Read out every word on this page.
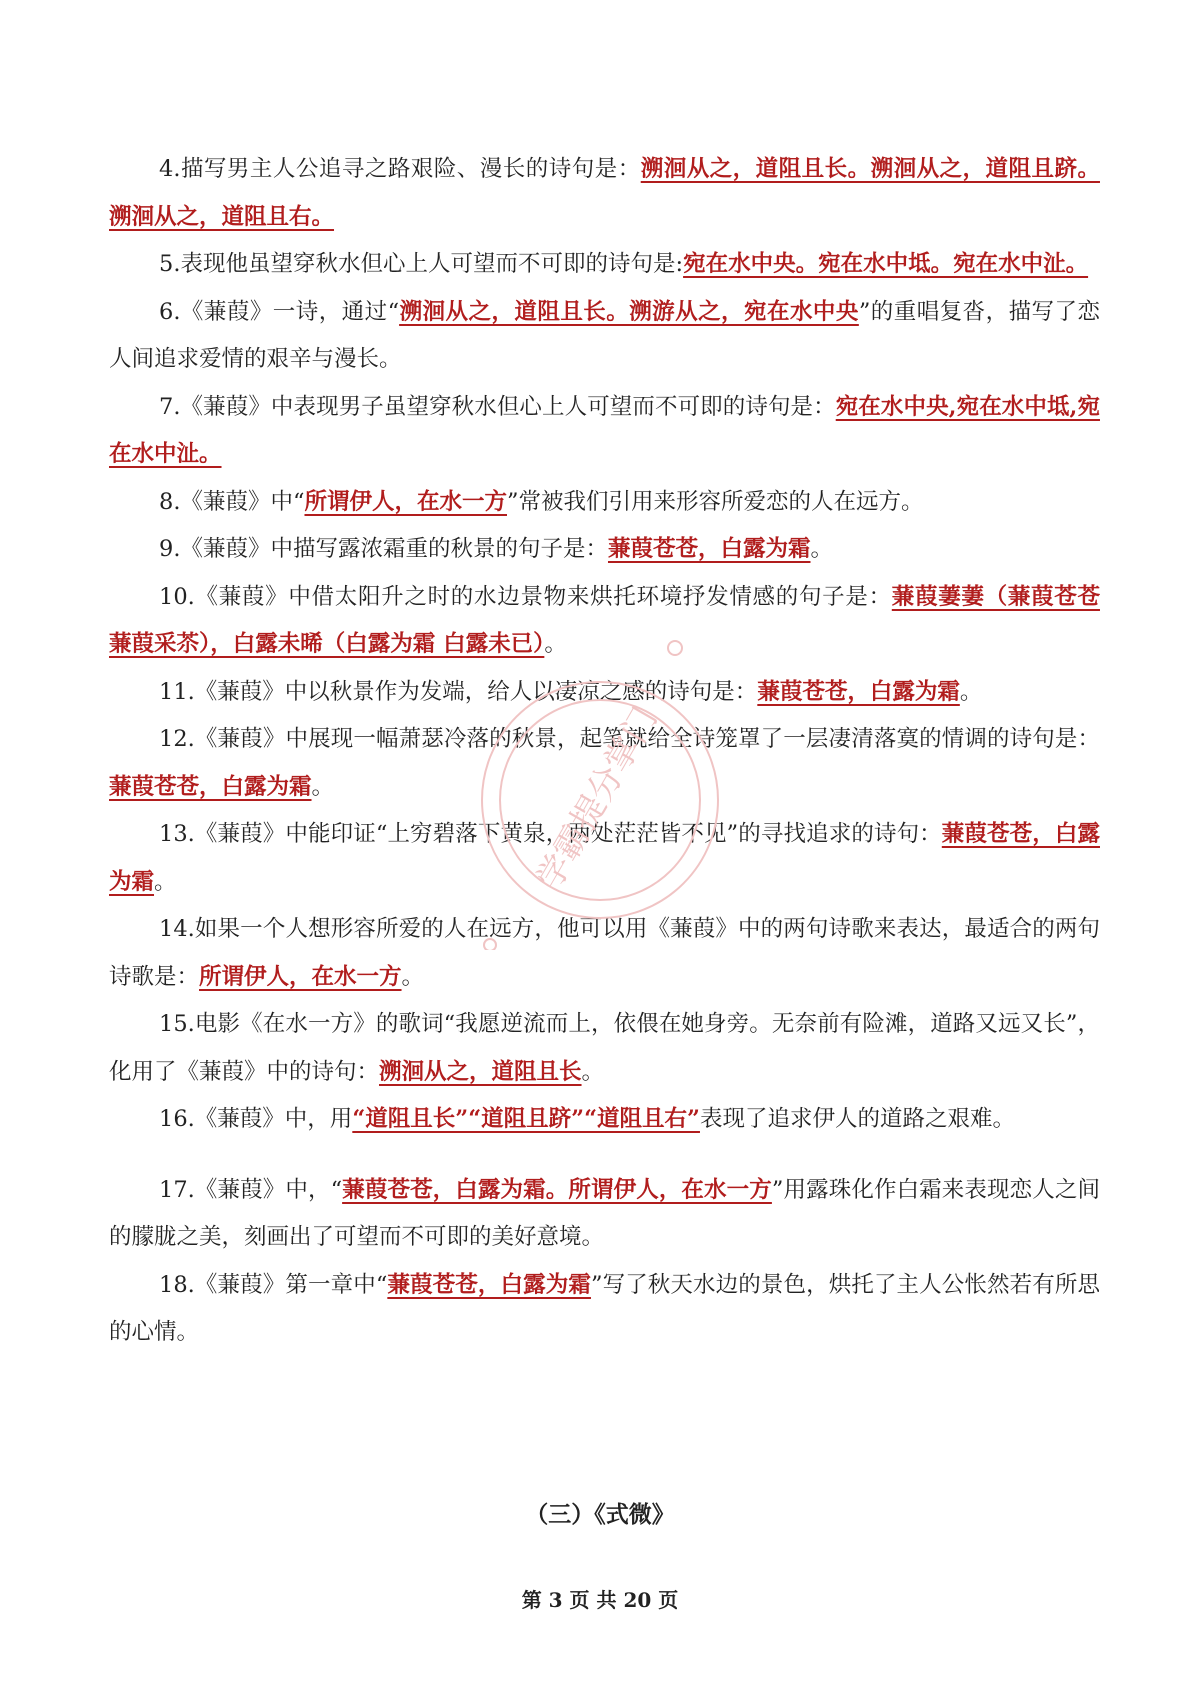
4.描写男主人公追寻之路艰险、漫长的诗句是：溯洄从之，道阻且长。溯洄从之，道阻且跻。溯洄从之，道阻且右。

5.表现他虽望穿秋水但心上人可望而不可即的诗句是:宛在水中央。宛在水中坻。宛在水中沚。

6.《蒹葭》一诗，通过“溯洄从之，道阻且长。溯游从之，宛在水中央”的重唱复沓，描写了恋人间追求爱情的艰辛与漫长。

7.《蒹葭》中表现男子虽望穿秋水但心上人可望而不可即的诗句是：宛在水中央,宛在水中坻,宛在水中沚。

8.《蒹葭》中“所谓伊人，在水一方”常被我们引用来形容所爱恋的人在远方。

9.《蒹葭》中描写露浓霜重的秋景的句子是：蒹葭苍苍，白露为霜。

10.《蒹葭》中借太阳升之时的水边景物来烘托环境抒发情感的句子是：蒹葭萋萋（蒹葭苍苍 蒹葭采苶），白露未晞（白露为霜 白露未已）。

11.《蒹葭》中以秋景作为发端，给人以凄凉之感的诗句是：蒹葭苍苍，白露为霜。

12.《蒹葭》中展现一幅萧瑟冷落的秋景，起笔就给全诗笼罩了一层凄清落寞的情调的诗句是：蒹葭苍苍，白露为霜。

13.《蒹葭》中能印证“上穷碧落下黄泉，两处茫茫皆不见”的寻找追求的诗句：蒹葭苍苍，白露为霜。

14.如果一个人想形容所爱的人在远方，他可以用《蒹葭》中的两句诗歌来表达，最适合的两句诗歌是：所谓伊人，在水一方。

15.电影《在水一方》的歌词“我愿逆流而上，依偎在她身旁。无奈前有险滩，道路又远又长”，化用了《蒹葭》中的诗句：溯洄从之，道阻且长。

16.《蒹葭》中，用“道阻且长”“道阻且跻”“道阻且右”表现了追求伊人的道路之艰难。

17.《蒹葭》中，“蒹葭苍苍，白露为霜。所谓伊人，在水一方”用露珠化作白霜来表现恋人之间的朦胧之美，刻画出了可望而不可即的美好意境。

18.《蒹葭》第一章中“蒹葭苍苍，白露为霜”写了秋天水边的景色，烘托了主人公怅然若有所思的心情。

学霸提分掌门

（三）《式微》

第 3 页 共 20 页
